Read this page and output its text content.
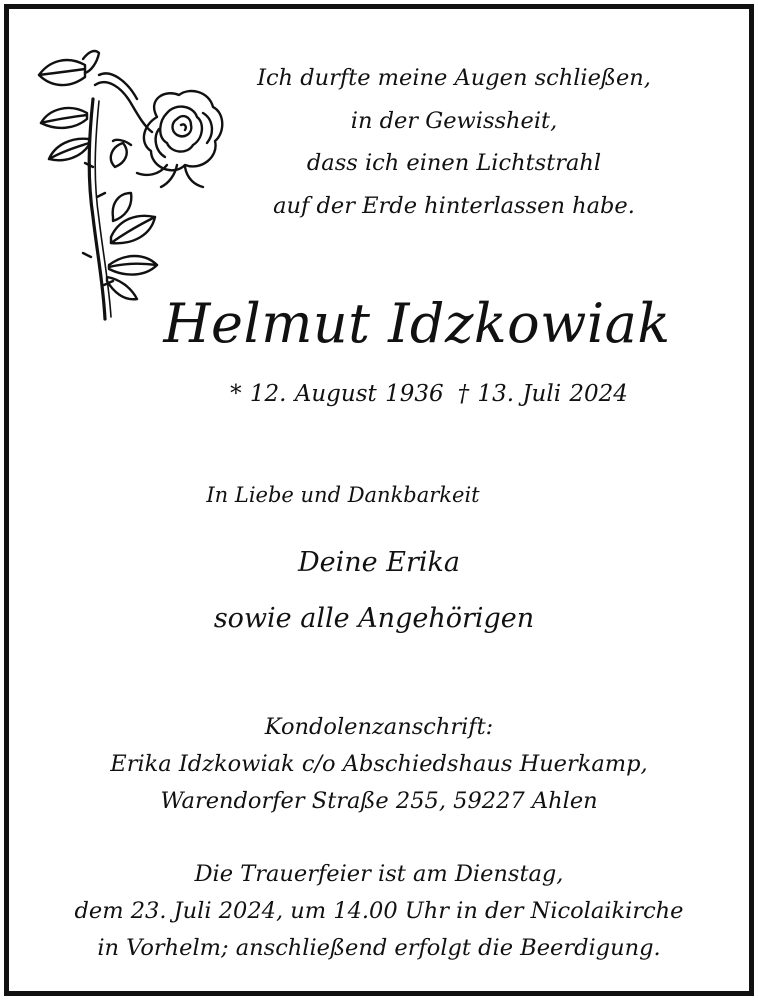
Ich durfte meine Augen schließen,
in der Gewissheit,
dass ich einen Lichtstrahl
auf der Erde hinterlassen habe.
Helmut Idzkowiak
* 12. August 1936 † 13. Juli 2024
In Liebe und Dankbarkeit
Deine Erika
sowie alle Angehörigen
Kondolenzanschrift:
Erika Idzkowiak c/o Abschiedshaus Huerkamp,
Warendorfer Straße 255, 59227 Ahlen
Die Trauerfeier ist am Dienstag,
dem 23. Juli 2024, um 14.00 Uhr in der Nicolaikirche
in Vorhelm; anschließend erfolgt die Beerdigung.
